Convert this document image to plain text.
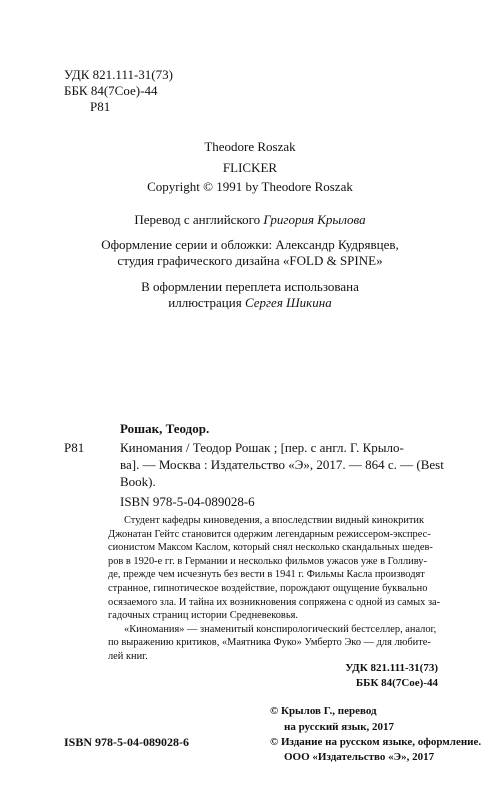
УДК 821.111-31(73)
ББК 84(7Сое)-44
Р81
Theodore Roszak
FLICKER
Copyright © 1991 by Theodore Roszak
Перевод с английского Григория Крылова
Оформление серии и обложки: Александр Кудрявцев,
студия графического дизайна «FOLD & SPINE»
В оформлении переплета использована
иллюстрация Сергея Шикина
Рошак, Теодор.
Р81	Киномания / Теодор Рошак ; [пер. с англ. Г. Крыло-
ва]. — Москва : Издательство «Э», 2017. — 864 с. — (Best
Book).
ISBN 978-5-04-089028-6
Студент кафедры киноведения, а впоследствии видный кинокритик
Джонатан Гейтс становится одержим легендарным режиссером-экспрес-
сионистом Максом Каслом, который снял несколько скандальных шедев-
ров в 1920-е гг. в Германии и несколько фильмов ужасов уже в Голливу-
де, прежде чем исчезнуть без вести в 1941 г. Фильмы Касла производят
странное, гипнотическое воздействие, порождают ощущение буквально
осязаемого зла. И тайна их возникновения сопряжена с одной из самых за-
гадочных страниц истории Средневековья.
«Киномания» — знаменитый конспирологический бестселлер, аналог,
по выражению критиков, «Маятника Фуко» Умберто Эко — для любите-
лей книг.
УДК 821.111-31(73)
ББК 84(7Сое)-44
© Крылов Г., перевод
на русский язык, 2017
© Издание на русском языке, оформление.
ООО «Издательство «Э», 2017
ISBN 978-5-04-089028-6
